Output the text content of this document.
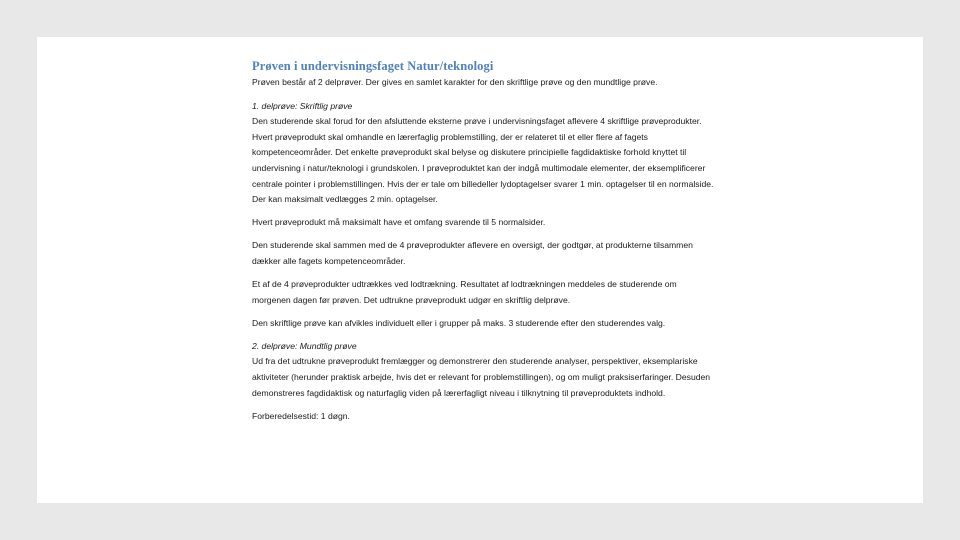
Prøven i undervisningsfaget Natur/teknologi

Prøven består af 2 delprøver. Der gives en samlet karakter for den skriftlige prøve og den mundtlige prøve.

1. delprøve: Skriftlig prøve

Den studerende skal forud for den afsluttende eksterne prøve i undervisningsfaget aflevere 4 skriftlige prøveprodukter. Hvert prøveprodukt skal omhandle en lærerfaglig problemstilling, der er relateret til et eller flere af fagets kompetenceområder. Det enkelte prøveprodukt skal belyse og diskutere principielle fagdidaktiske forhold knyttet til undervisning i natur/teknologi i grundskolen. I prøveproduktet kan der indgå multimodale elementer, der eksemplificerer centrale pointer i problemstillingen. Hvis der er tale om billedeller lydoptagelser svarer 1 min. optagelser til en normalside. Der kan maksimalt vedlægges 2 min. optagelser.

Hvert prøveprodukt må maksimalt have et omfang svarende til 5 normalsider.

Den studerende skal sammen med de 4 prøveprodukter aflevere en oversigt, der godtgør, at produkterne tilsammen dækker alle fagets kompetenceområder.

Et af de 4 prøveprodukter udtrækkes ved lodtrækning. Resultatet af lodtrækningen meddeles de studerende om morgenen dagen før prøven. Det udtrukne prøveprodukt udgør en skriftlig delprøve.

Den skriftlige prøve kan afvikles individuelt eller i grupper på maks. 3 studerende efter den studerendes valg.

2. delprøve: Mundtlig prøve

Ud fra det udtrukne prøveprodukt fremlægger og demonstrerer den studerende analyser, perspektiver, eksemplariske aktiviteter (herunder praktisk arbejde, hvis det er relevant for problemstillingen), og om muligt praksiserfaringer. Desuden demonstreres fagdidaktisk og naturfaglig viden på lærerfagligt niveau i tilknytning til prøveproduktets indhold.

Forberedelsestid: 1 døgn.
